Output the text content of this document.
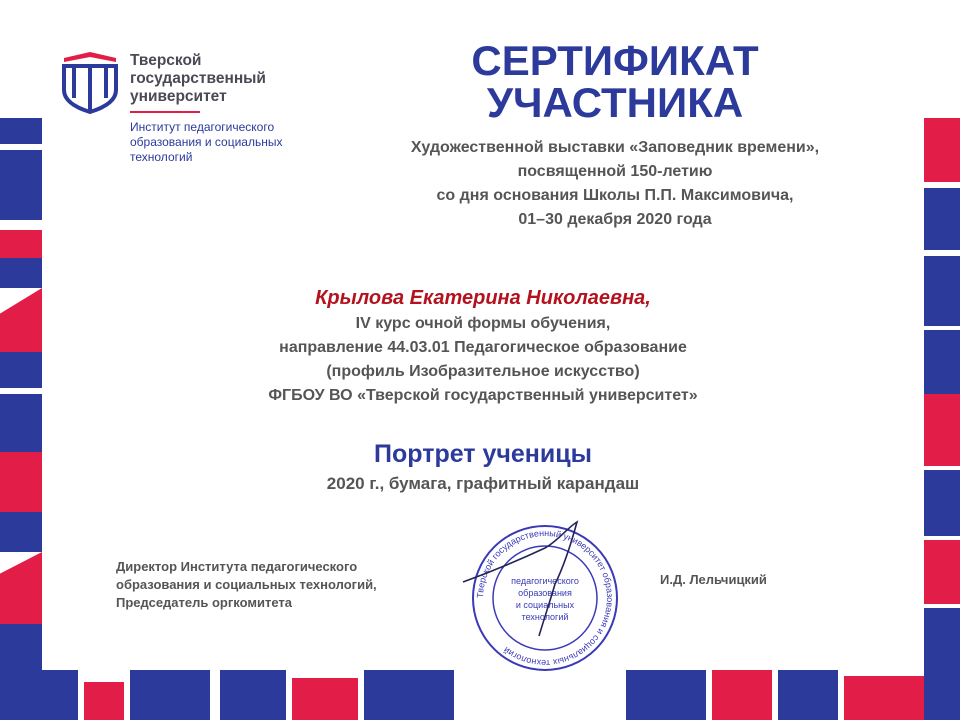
Тверской
государственный
университет
Институт педагогического
образования и социальных
технологий
СЕРТИФИКАТ
УЧАСТНИКА
Художественной выставки «Заповедник времени»,
посвященной 150-летию
со дня основания Школы П.П. Максимовича,
01–30 декабря 2020 года
Крылова Екатерина Николаевна,
IV курс очной формы обучения,
направление 44.03.01 Педагогическое образование
(профиль Изобразительное искусство)
ФГБОУ ВО «Тверской государственный университет»
Портрет ученицы
2020 г., бумага, графитный карандаш
Директор Института педагогического
образования и социальных технологий,
Председатель оргкомитета
И.Д. Лельчицкий
Тверской государственный университет образования и социальных технологий
педагогического
образования
и социальных
технологий
